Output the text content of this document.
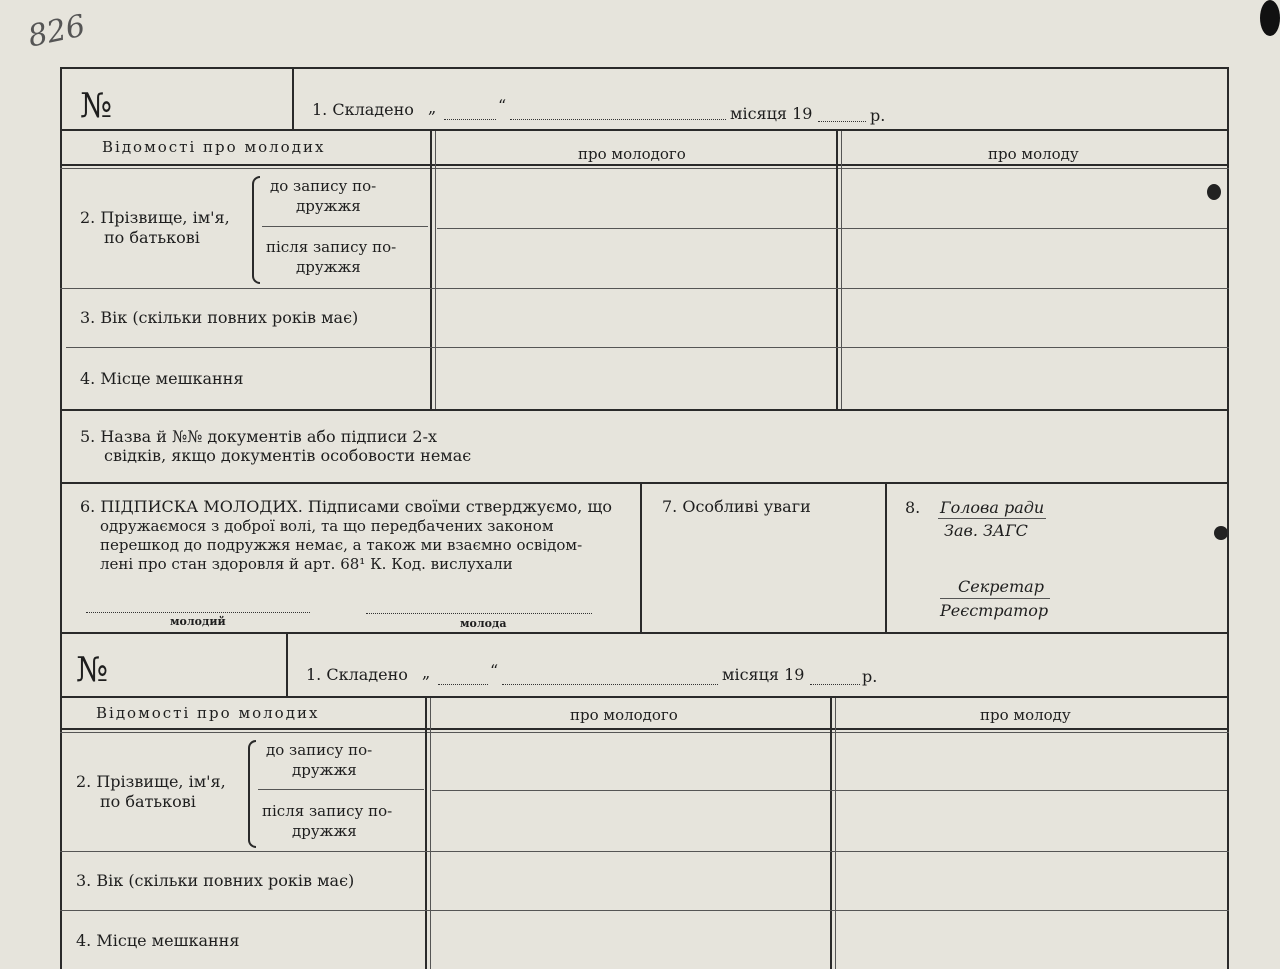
826
№	1. Складено „	“	місяця 19	р.
Відомості про молодих	про молодого	про молоду
2. Прізвище, ім'я,
по батькові
до запису по-
дружжя
після запису по-
дружжя
3. Вік (скільки повних років має)
4. Місце мешкання
5. Назва й №№ документів або підписи 2-х
свідків, якщо документів особовости немає
6. ПІДПИСКА МОЛОДИХ. Підписами своїми стверджуємо, що
одружаємося з доброї волі, та що передбачених законом
перешкод до подружжя немає, а також ми взаємно освідом-
лені про стан здоровля й арт. 68¹ К. Код. вислухали
молодий	молода
7. Особливі уваги	8. Голова ради
Зав. ЗАГС
Секретар
Реєстратор
№	1. Складено „	“	місяця 19	р.
Відомості про молодих	про молодого	про молоду
2. Прізвище, ім'я,
по батькові
до запису по-
дружжя
після запису по-
дружжя
3. Вік (скільки повних років має)
4. Місце мешкання
